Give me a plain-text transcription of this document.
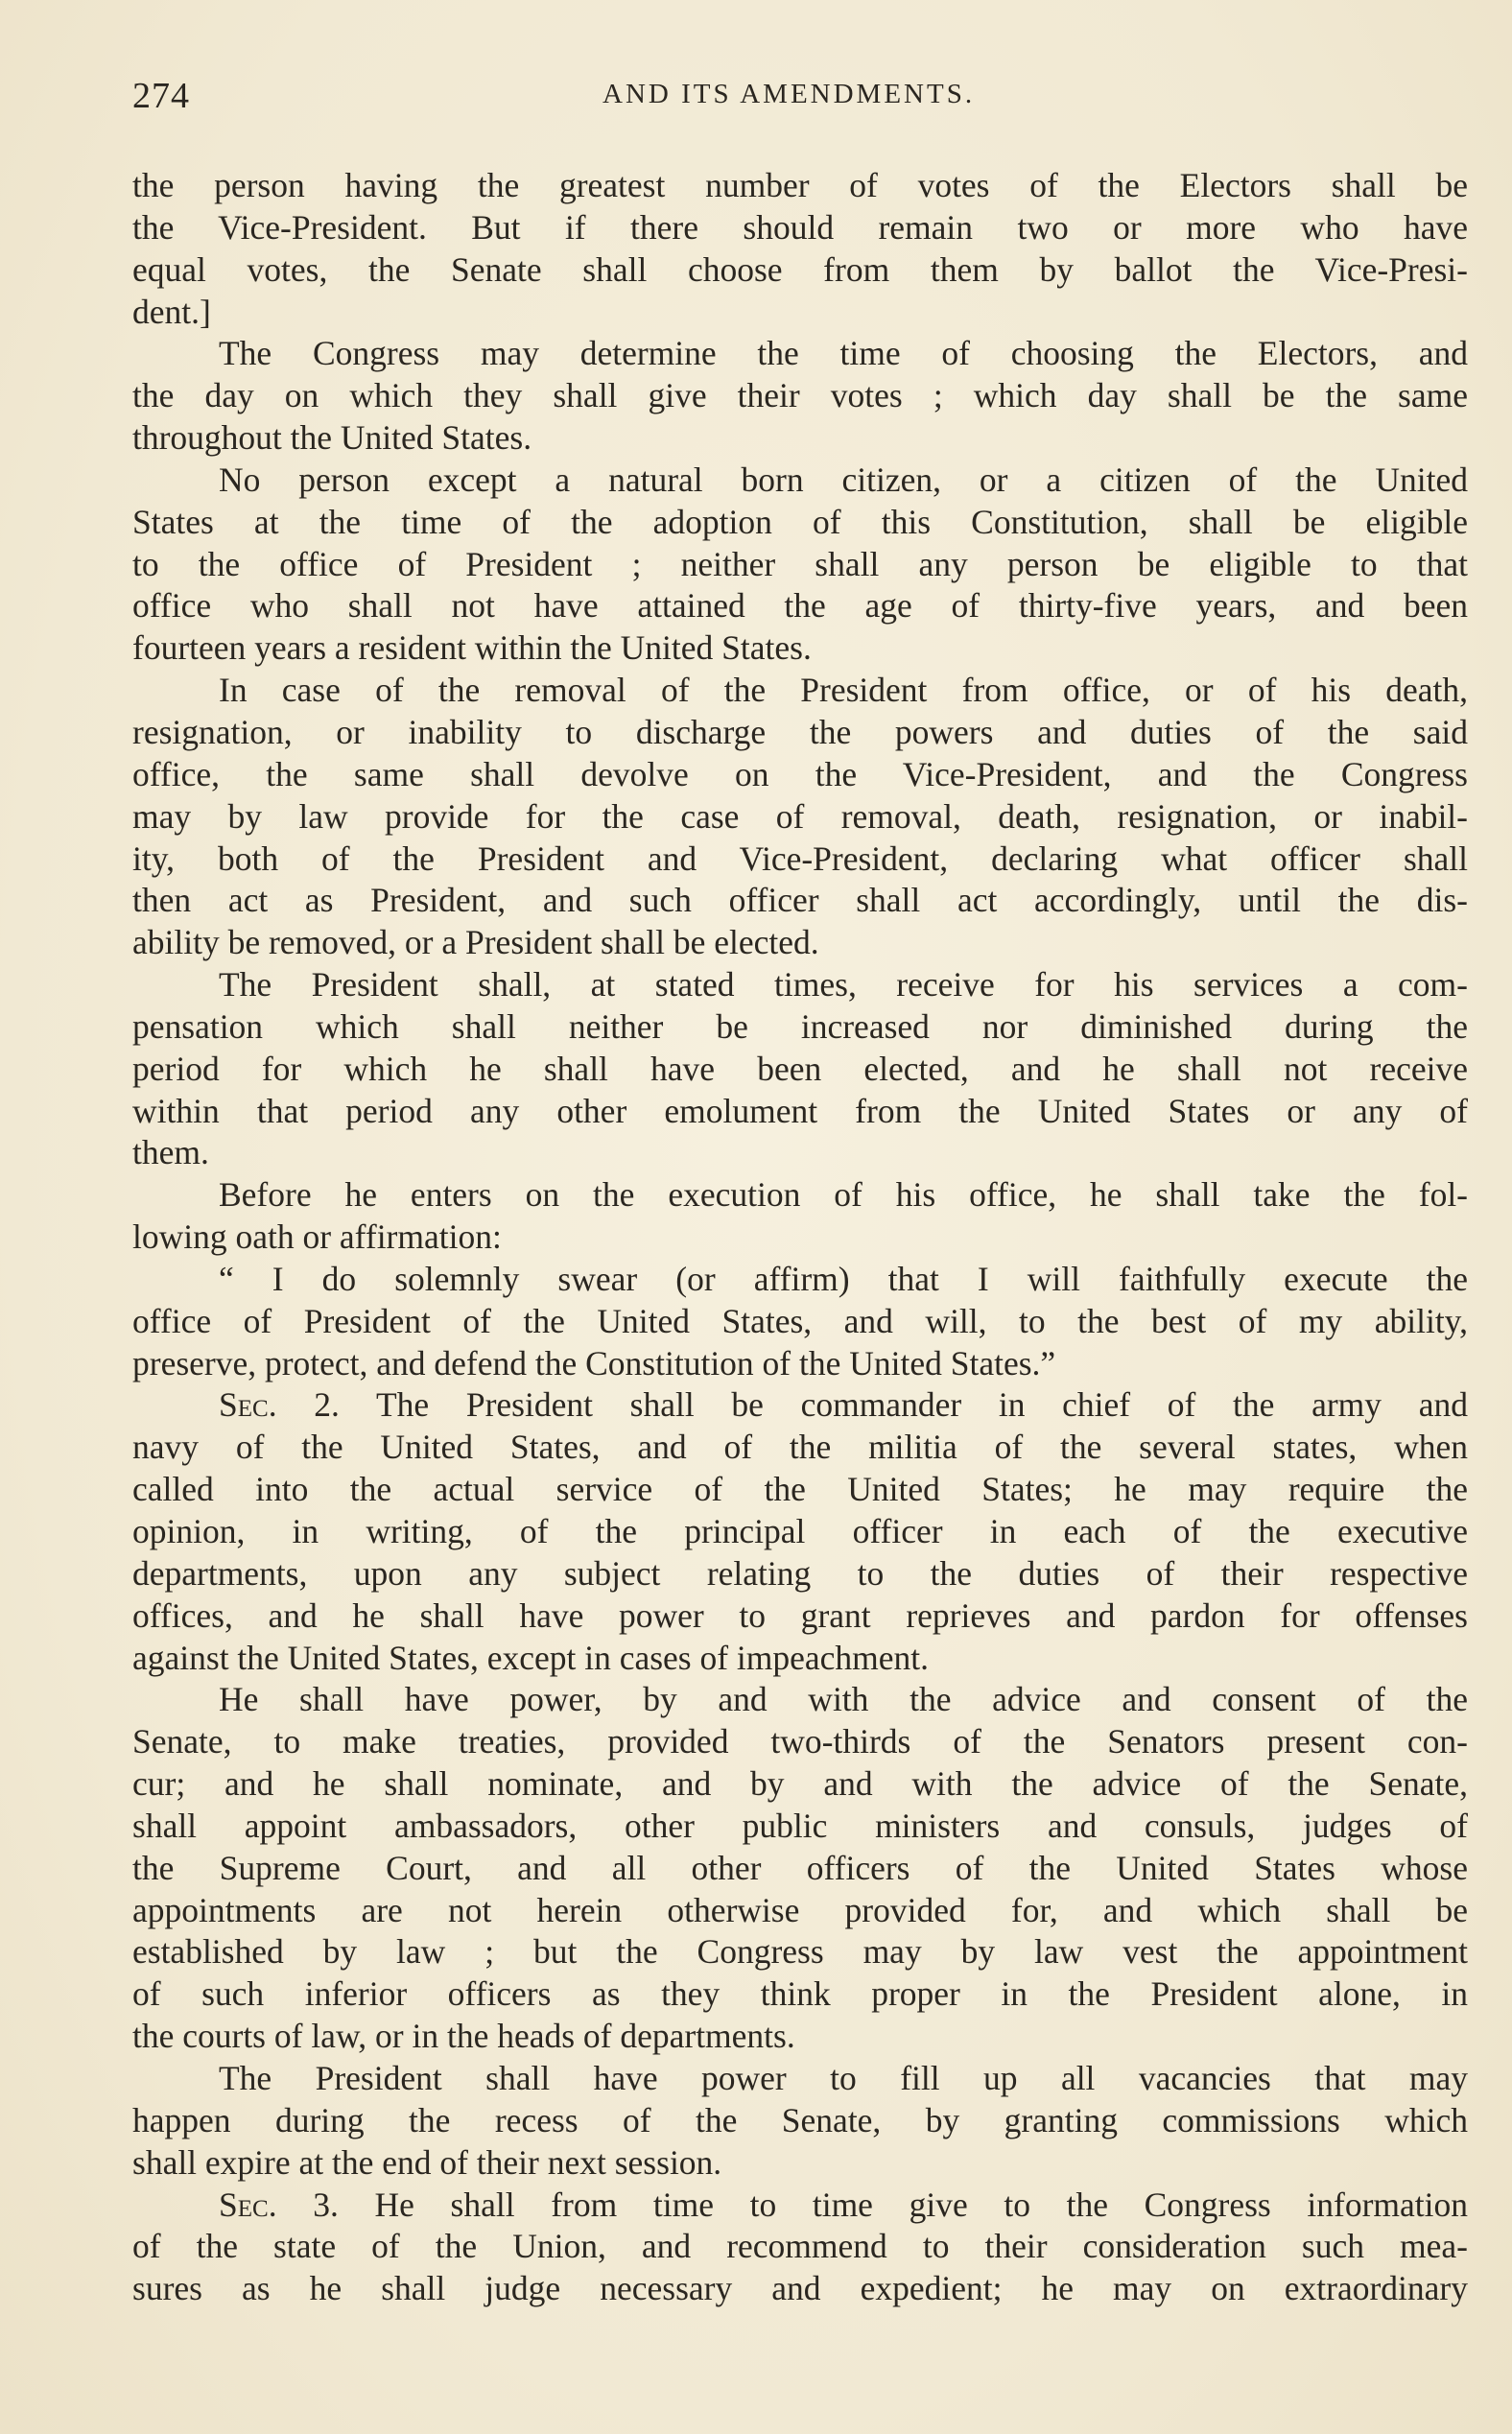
274	AND ITS AMENDMENTS.
the person having the greatest number of votes of the Electors shall be
the Vice-President. But if there should remain two or more who have
equal votes, the Senate shall choose from them by ballot the Vice-Presi-
dent.]
The Congress may determine the time of choosing the Electors, and
the day on which they shall give their votes ; which day shall be the same
throughout the United States.
No person except a natural born citizen, or a citizen of the United
States at the time of the adoption of this Constitution, shall be eligible
to the office of President ; neither shall any person be eligible to that
office who shall not have attained the age of thirty-five years, and been
fourteen years a resident within the United States.
In case of the removal of the President from office, or of his death,
resignation, or inability to discharge the powers and duties of the said
office, the same shall devolve on the Vice-President, and the Congress
may by law provide for the case of removal, death, resignation, or inabil-
ity, both of the President and Vice-President, declaring what officer shall
then act as President, and such officer shall act accordingly, until the dis-
ability be removed, or a President shall be elected.
The President shall, at stated times, receive for his services a com-
pensation which shall neither be increased nor diminished during the
period for which he shall have been elected, and he shall not receive
within that period any other emolument from the United States or any of
them.
Before he enters on the execution of his office, he shall take the fol-
lowing oath or affirmation:
“ I do solemnly swear (or affirm) that I will faithfully execute the
office of President of the United States, and will, to the best of my ability,
preserve, protect, and defend the Constitution of the United States.”
Sec. 2. The President shall be commander in chief of the army and
navy of the United States, and of the militia of the several states, when
called into the actual service of the United States; he may require the
opinion, in writing, of the principal officer in each of the executive
departments, upon any subject relating to the duties of their respective
offices, and he shall have power to grant reprieves and pardon for offenses
against the United States, except in cases of impeachment.
He shall have power, by and with the advice and consent of the
Senate, to make treaties, provided two-thirds of the Senators present con-
cur; and he shall nominate, and by and with the advice of the Senate,
shall appoint ambassadors, other public ministers and consuls, judges of
the Supreme Court, and all other officers of the United States whose
appointments are not herein otherwise provided for, and which shall be
established by law ; but the Congress may by law vest the appointment
of such inferior officers as they think proper in the President alone, in
the courts of law, or in the heads of departments.
The President shall have power to fill up all vacancies that may
happen during the recess of the Senate, by granting commissions which
shall expire at the end of their next session.
Sec. 3. He shall from time to time give to the Congress information
of the state of the Union, and recommend to their consideration such mea-
sures as he shall judge necessary and expedient; he may on extraordinary
